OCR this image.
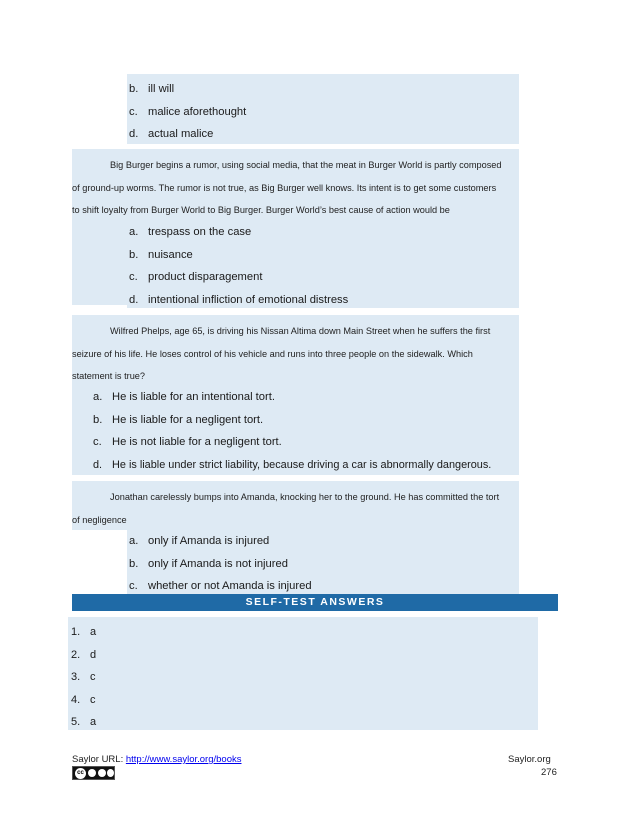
b. ill will
c. malice aforethought
d. actual malice
Big Burger begins a rumor, using social media, that the meat in Burger World is partly composed
of ground-up worms. The rumor is not true, as Big Burger well knows. Its intent is to get some customers
to shift loyalty from Burger World to Big Burger. Burger World’s best cause of action would be
a. trespass on the case
b. nuisance
c. product disparagement
d. intentional infliction of emotional distress
Wilfred Phelps, age 65, is driving his Nissan Altima down Main Street when he suffers the first
seizure of his life. He loses control of his vehicle and runs into three people on the sidewalk. Which
statement is true?
a. He is liable for an intentional tort.
b. He is liable for a negligent tort.
c. He is not liable for a negligent tort.
d. He is liable under strict liability, because driving a car is abnormally dangerous.
Jonathan carelessly bumps into Amanda, knocking her to the ground. He has committed the tort
of negligence
a. only if Amanda is injured
b. only if Amanda is not injured
c. whether or not Amanda is injured
SELF-TEST ANSWERS
1. a
2. d
3. c
4. c
5. a
Saylor URL: http://www.saylor.org/books	Saylor.org
276
cc
